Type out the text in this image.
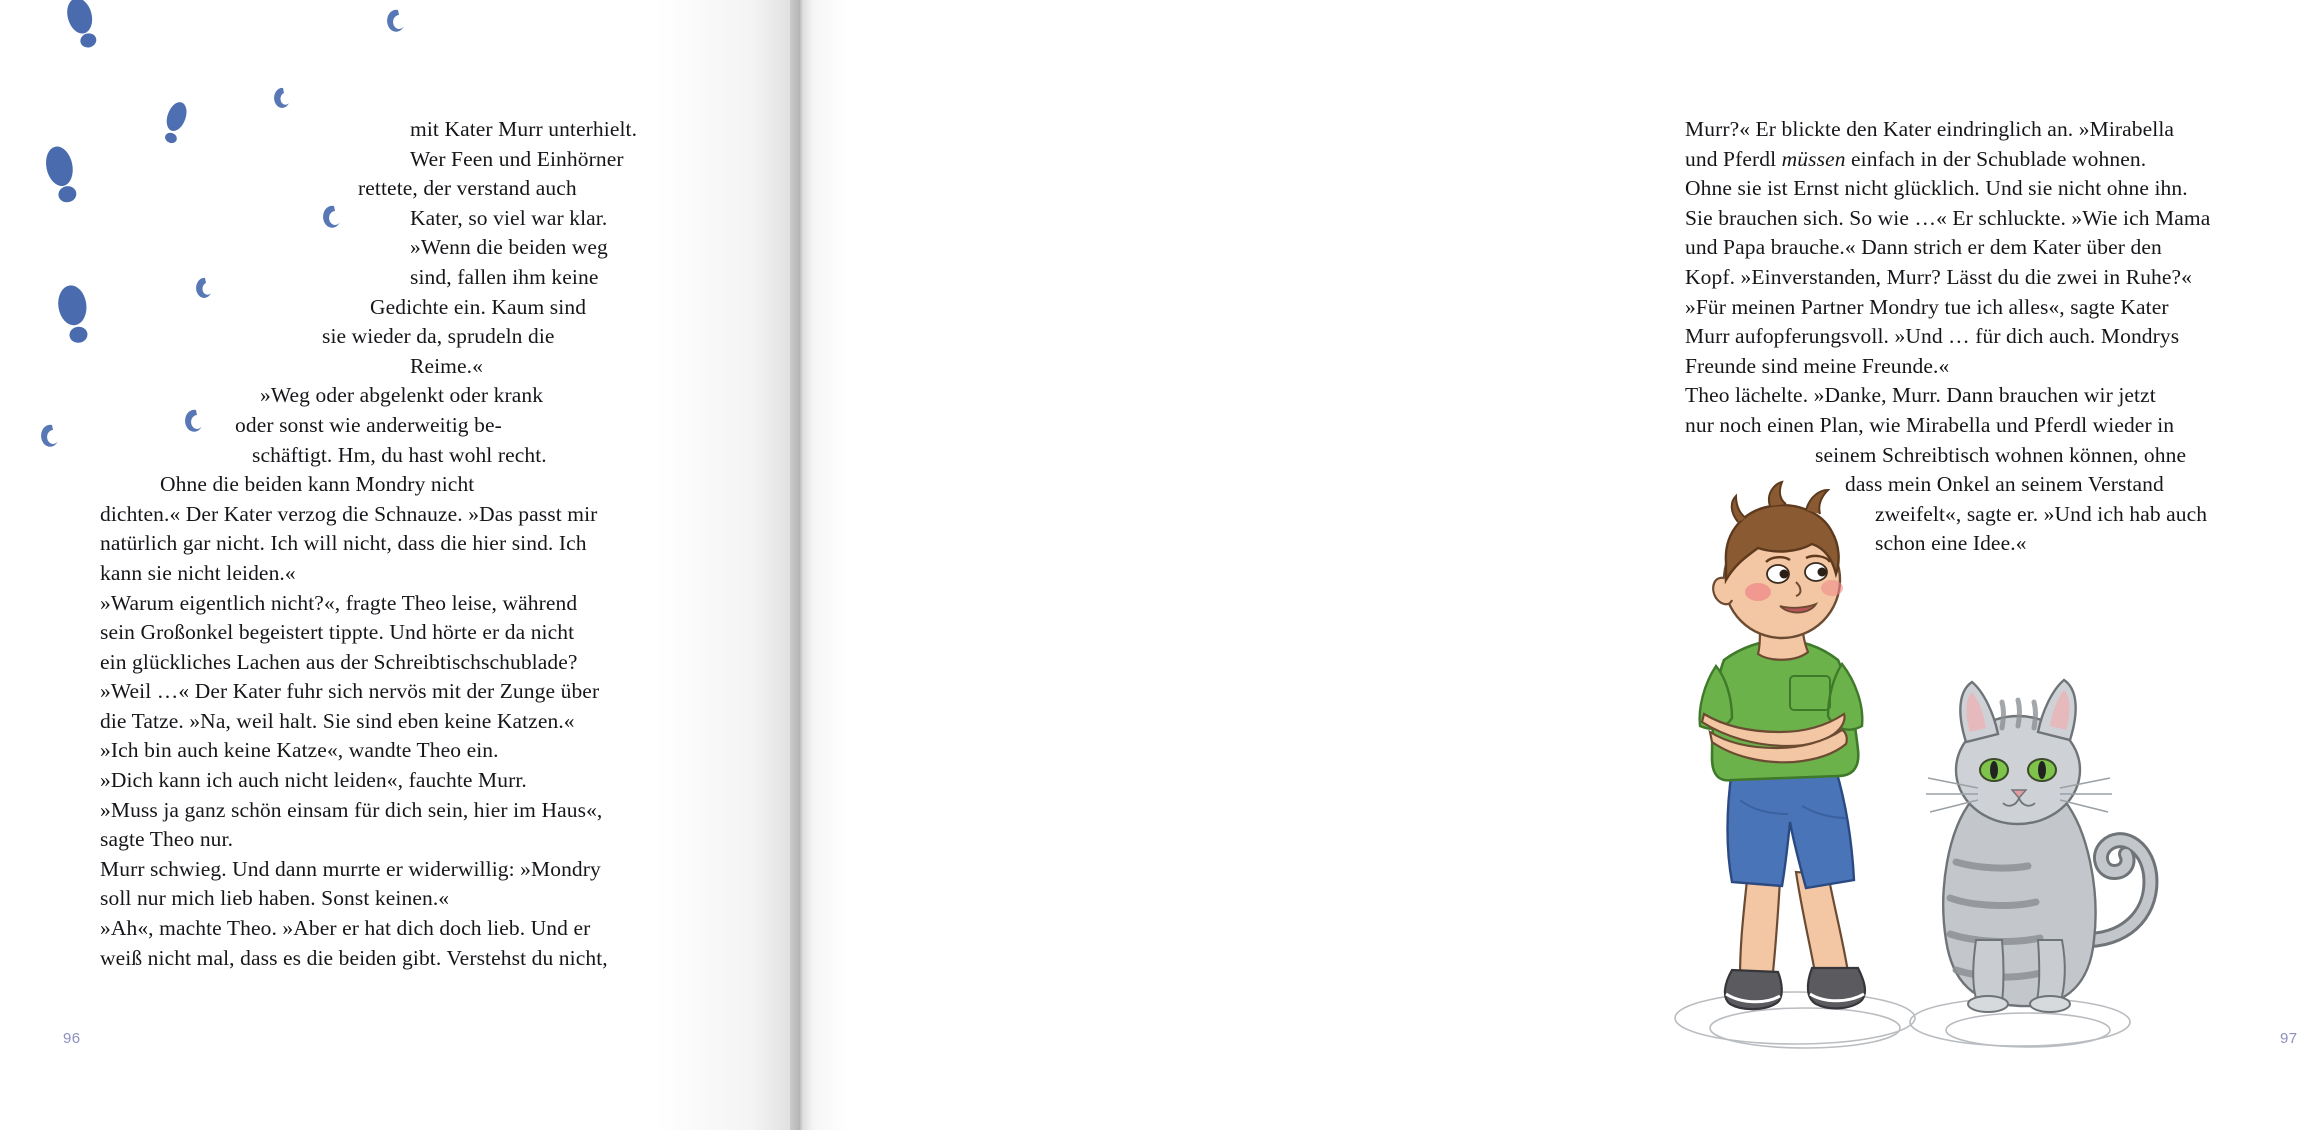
mit Kater Murr unterhielt.

Wer Feen und Einhörner

rettete, der verstand auch

Kater, so viel war klar.

»Wenn die beiden weg

sind, fallen ihm keine

Gedichte ein. Kaum sind

sie wieder da, sprudeln die

Reime.«

»Weg oder abgelenkt oder krank

oder sonst wie anderweitig be-

schäftigt. Hm, du hast wohl recht.

Ohne die beiden kann Mondry nicht

dichten.« Der Kater verzog die Schnauze. »Das passt mir

natürlich gar nicht. Ich will nicht, dass die hier sind. Ich

kann sie nicht leiden.«

»Warum eigentlich nicht?«, fragte Theo leise, während

sein Großonkel begeistert tippte. Und hörte er da nicht

ein glückliches Lachen aus der Schreibtischschublade?

»Weil …« Der Kater fuhr sich nervös mit der Zunge über

die Tatze. »Na, weil halt. Sie sind eben keine Katzen.«

»Ich bin auch keine Katze«, wandte Theo ein.

»Dich kann ich auch nicht leiden«, fauchte Murr.

»Muss ja ganz schön einsam für dich sein, hier im Haus«,

sagte Theo nur.

Murr schwieg. Und dann murrte er widerwillig: »Mondry

soll nur mich lieb haben. Sonst keinen.«

»Ah«, machte Theo. »Aber er hat dich doch lieb. Und er

weiß nicht mal, dass es die beiden gibt. Verstehst du nicht,

96

Murr?« Er blickte den Kater eindringlich an. »Mirabella

und Pferdl müssen einfach in der Schublade wohnen.

Ohne sie ist Ernst nicht glücklich. Und sie nicht ohne ihn.

Sie brauchen sich. So wie …« Er schluckte. »Wie ich Mama

und Papa brauche.« Dann strich er dem Kater über den

Kopf. »Einverstanden, Murr? Lässt du die zwei in Ruhe?«

»Für meinen Partner Mondry tue ich alles«, sagte Kater

Murr aufopferungsvoll. »Und … für dich auch. Mondrys

Freunde sind meine Freunde.«

Theo lächelte. »Danke, Murr. Dann brauchen wir jetzt

nur noch einen Plan, wie Mirabella und Pferdl wieder in

seinem Schreibtisch wohnen können, ohne

dass mein Onkel an seinem Verstand

zweifelt«, sagte er. »Und ich hab auch

schon eine Idee.«

97
